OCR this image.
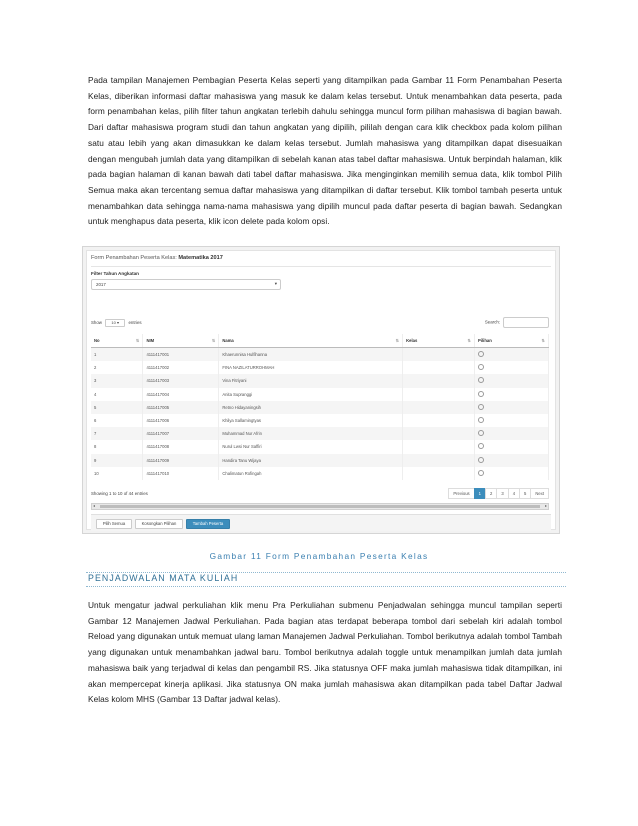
Pada tampilan Manajemen Pembagian Peserta Kelas seperti yang ditampilkan pada Gambar 11 Form Penambahan Peserta Kelas, diberikan informasi daftar mahasiswa yang masuk ke dalam kelas tersebut. Untuk menambahkan data peserta, pada form penambahan kelas, pilih filter tahun angkatan terlebih dahulu sehingga muncul form pilihan mahasiswa di bagian bawah. Dari daftar mahasiswa program studi dan tahun angkatan yang dipilih, pililah dengan cara klik checkbox pada kolom pilihan satu atau lebih yang akan dimasukkan ke dalam kelas tersebut. Jumlah mahasiswa yang ditampilkan dapat disesuaikan dengan mengubah jumlah data yang ditampilkan di sebelah kanan atas tabel daftar mahasiswa. Untuk berpindah halaman, klik pada bagian halaman di kanan bawah dati tabel daftar mahasiswa. Jika menginginkan memilih semua data, klik tombol Pilih Semua maka akan tercentang semua daftar mahasiswa yang ditampilkan di daftar tersebut. Klik tombol tambah peserta untuk menambahkan data sehingga nama-nama mahasiswa yang dipilih muncul pada daftar peserta di bagian bawah. Sedangkan untuk menghapus data peserta, klik icon delete pada kolom opsi.
Form Penambahan Peserta Kelas: Matematika 2017
Filter Tahun Angkatan
2017	▾
Show 10 ▾ entries	Search:
No ⇅	NIM ⇅	Nama ⇅	Kelas ⇅	Pilihan ⇅

1	4111417001	Khaerunnisa Hulfihanna		
2	4111417002	FINA NAZILATURROHMAH		
3	4111417003	Vina Fitriyani		
4	4111417004	Anita Supranggi		
5	4111417005	Retno Hidayaningsih		
6	4111417006	Khilya Sallamingtyas		
7	4111417007	Muhammad Nur Afrin		
8	4111417008	Nurul Lwsi Nur Saffiri		
9	4111417009	Handira Tanu Wijaya		
10	4111417010	Chalimatun Rofingah		
Showing 1 to 10 of 44 entries	Previous	1	2	3	4	5	Next
◂	▸
Pilih Semua	Kosongkan Pilihan	Tambah Peserta
Gambar 11 Form Penambahan Peserta Kelas
PENJADWALAN MATA KULIAH
Untuk mengatur jadwal perkuliahan klik menu Pra Perkuliahan submenu Penjadwalan sehingga muncul tampilan seperti Gambar 12 Manajemen Jadwal Perkuliahan. Pada bagian atas terdapat beberapa tombol dari sebelah kiri adalah tombol Reload yang digunakan untuk memuat ulang laman Manajemen Jadwal Perkuliahan. Tombol berikutnya adalah tombol Tambah yang digunakan untuk menambahkan jadwal baru. Tombol berikutnya adalah toggle untuk menampilkan jumlah data jumlah mahasiswa baik yang terjadwal di kelas dan pengambil RS. Jika statusnya OFF maka jumlah mahasiswa tidak ditampilkan, ini akan mempercepat kinerja aplikasi. Jika statusnya ON maka jumlah mahasiswa akan ditampilkan pada tabel Daftar Jadwal Kelas kolom MHS (Gambar 13 Daftar jadwal kelas).
